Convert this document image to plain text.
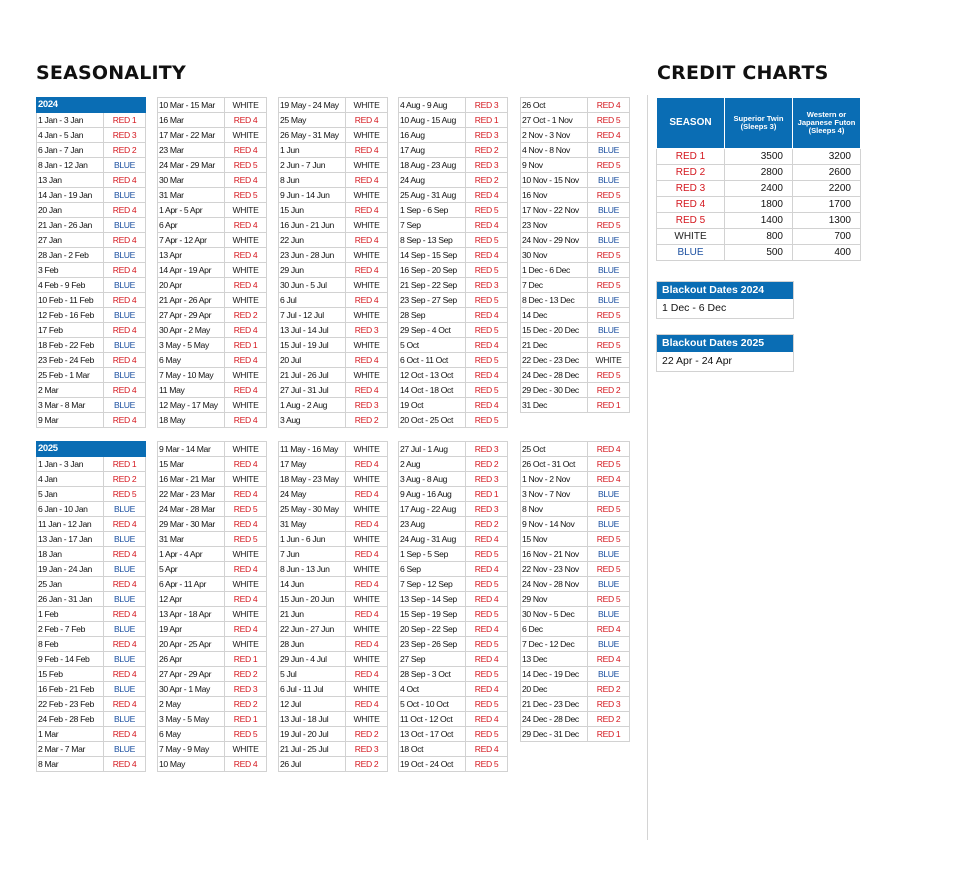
SEASONALITY	CREDIT CHARTS
2024	
1 Jan - 3 Jan	RED 1
4 Jan - 5 Jan	RED 3
6 Jan - 7 Jan	RED 2
8 Jan - 12 Jan	BLUE
13 Jan	RED 4
14 Jan - 19 Jan	BLUE
20 Jan	RED 4
21 Jan - 26 Jan	BLUE
27 Jan	RED 4
28 Jan - 2 Feb	BLUE
3 Feb	RED 4
4 Feb - 9 Feb	BLUE
10 Feb - 11 Feb	RED 4
12 Feb - 16 Feb	BLUE
17 Feb	RED 4
18 Feb - 22 Feb	BLUE
23 Feb - 24 Feb	RED 4
25 Feb - 1 Mar	BLUE
2 Mar	RED 4
3 Mar - 8 Mar	BLUE
9 Mar	RED 4
10 Mar - 15 Mar	WHITE
16 Mar	RED 4
17 Mar - 22 Mar	WHITE
23 Mar	RED 4
24 Mar - 29 Mar	RED 5
30 Mar	RED 4
31 Mar	RED 5
1 Apr - 5 Apr	WHITE
6 Apr	RED 4
7 Apr - 12 Apr	WHITE
13 Apr	RED 4
14 Apr - 19 Apr	WHITE
20 Apr	RED 4
21 Apr - 26 Apr	WHITE
27 Apr - 29 Apr	RED 2
30 Apr - 2 May	RED 4
3 May - 5 May	RED 1
6 May	RED 4
7 May - 10 May	WHITE
11 May	RED 4
12 May - 17 May	WHITE
18 May	RED 4
19 May - 24 May	WHITE
25 May	RED 4
26 May - 31 May	WHITE
1 Jun	RED 4
2 Jun - 7 Jun	WHITE
8 Jun	RED 4
9 Jun - 14 Jun	WHITE
15 Jun	RED 4
16 Jun - 21 Jun	WHITE
22 Jun	RED 4
23 Jun - 28 Jun	WHITE
29 Jun	RED 4
30 Jun - 5 Jul	WHITE
6 Jul	RED 4
7 Jul - 12 Jul	WHITE
13 Jul - 14 Jul	RED 3
15 Jul - 19 Jul	WHITE
20 Jul	RED 4
21 Jul - 26 Jul	WHITE
27 Jul - 31 Jul	RED 4
1 Aug - 2 Aug	RED 3
3 Aug	RED 2
4 Aug - 9 Aug	RED 3
10 Aug - 15 Aug	RED 1
16 Aug	RED 3
17 Aug	RED 2
18 Aug - 23 Aug	RED 3
24 Aug	RED 2
25 Aug - 31 Aug	RED 4
1 Sep - 6 Sep	RED 5
7 Sep	RED 4
8 Sep - 13 Sep	RED 5
14 Sep - 15 Sep	RED 4
16 Sep - 20 Sep	RED 5
21 Sep - 22 Sep	RED 3
23 Sep - 27 Sep	RED 5
28 Sep	RED 4
29 Sep - 4 Oct	RED 5
5 Oct	RED 4
6 Oct - 11 Oct	RED 5
12 Oct - 13 Oct	RED 4
14 Oct - 18 Oct	RED 5
19 Oct	RED 4
20 Oct - 25 Oct	RED 5
26 Oct	RED 4
27 Oct - 1 Nov	RED 5
2 Nov - 3 Nov	RED 4
4 Nov - 8 Nov	BLUE
9 Nov	RED 5
10 Nov - 15 Nov	BLUE
16 Nov	RED 5
17 Nov - 22 Nov	BLUE
23 Nov	RED 5
24 Nov - 29 Nov	BLUE
30 Nov	RED 5
1 Dec - 6 Dec	BLUE
7 Dec	RED 5
8 Dec - 13 Dec	BLUE
14 Dec	RED 5
15 Dec - 20 Dec	BLUE
21 Dec	RED 5
22 Dec - 23 Dec	WHITE
24 Dec - 28 Dec	RED 5
29 Dec - 30 Dec	RED 2
31 Dec	RED 1
2025	
1 Jan - 3 Jan	RED 1
4 Jan	RED 2
5 Jan	RED 5
6 Jan - 10 Jan	BLUE
11 Jan - 12 Jan	RED 4
13 Jan - 17 Jan	BLUE
18 Jan	RED 4
19 Jan - 24 Jan	BLUE
25 Jan	RED 4
26 Jan - 31 Jan	BLUE
1 Feb	RED 4
2 Feb - 7 Feb	BLUE
8 Feb	RED 4
9 Feb - 14 Feb	BLUE
15 Feb	RED 4
16 Feb - 21 Feb	BLUE
22 Feb - 23 Feb	RED 4
24 Feb - 28 Feb	BLUE
1 Mar	RED 4
2 Mar - 7 Mar	BLUE
8 Mar	RED 4
9 Mar - 14 Mar	WHITE
15 Mar	RED 4
16 Mar - 21 Mar	WHITE
22 Mar - 23 Mar	RED 4
24 Mar - 28 Mar	RED 5
29 Mar - 30 Mar	RED 4
31 Mar	RED 5
1 Apr - 4 Apr	WHITE
5 Apr	RED 4
6 Apr - 11 Apr	WHITE
12 Apr	RED 4
13 Apr - 18 Apr	WHITE
19 Apr	RED 4
20 Apr - 25 Apr	WHITE
26 Apr	RED 1
27 Apr - 29 Apr	RED 2
30 Apr - 1 May	RED 3
2 May	RED 2
3 May - 5 May	RED 1
6 May	RED 5
7 May - 9 May	WHITE
10 May	RED 4
11 May - 16 May	WHITE
17 May	RED 4
18 May - 23 May	WHITE
24 May	RED 4
25 May - 30 May	WHITE
31 May	RED 4
1 Jun - 6 Jun	WHITE
7 Jun	RED 4
8 Jun - 13 Jun	WHITE
14 Jun	RED 4
15 Jun - 20 Jun	WHITE
21 Jun	RED 4
22 Jun - 27 Jun	WHITE
28 Jun	RED 4
29 Jun - 4 Jul	WHITE
5 Jul	RED 4
6 Jul - 11 Jul	WHITE
12 Jul	RED 4
13 Jul - 18 Jul	WHITE
19 Jul - 20 Jul	RED 2
21 Jul - 25 Jul	RED 3
26 Jul	RED 2
27 Jul - 1 Aug	RED 3
2 Aug	RED 2
3 Aug - 8 Aug	RED 3
9 Aug - 16 Aug	RED 1
17 Aug - 22 Aug	RED 3
23 Aug	RED 2
24 Aug - 31 Aug	RED 4
1 Sep - 5 Sep	RED 5
6 Sep	RED 4
7 Sep - 12 Sep	RED 5
13 Sep - 14 Sep	RED 4
15 Sep - 19 Sep	RED 5
20 Sep - 22 Sep	RED 4
23 Sep - 26 Sep	RED 5
27 Sep	RED 4
28 Sep - 3 Oct	RED 5
4 Oct	RED 4
5 Oct - 10 Oct	RED 5
11 Oct - 12 Oct	RED 4
13 Oct - 17 Oct	RED 5
18 Oct	RED 4
19 Oct - 24 Oct	RED 5
25 Oct	RED 4
26 Oct - 31 Oct	RED 5
1 Nov - 2 Nov	RED 4
3 Nov - 7 Nov	BLUE
8 Nov	RED 5
9 Nov - 14 Nov	BLUE
15 Nov	RED 5
16 Nov - 21 Nov	BLUE
22 Nov - 23 Nov	RED 5
24 Nov - 28 Nov	BLUE
29 Nov	RED 5
30 Nov - 5 Dec	BLUE
6 Dec	RED 4
7 Dec - 12 Dec	BLUE
13 Dec	RED 4
14 Dec - 19 Dec	BLUE
20 Dec	RED 2
21 Dec - 23 Dec	RED 3
24 Dec - 28 Dec	RED 2
29 Dec - 31 Dec	RED 1
SEASON	Superior Twin (Sleeps 3)	Western or Japanese Futon (Sleeps 4)
RED 1	3500	3200
RED 2	2800	2600
RED 3	2400	2200
RED 4	1800	1700
RED 5	1400	1300
WHITE	800	700
BLUE	500	400
Blackout Dates 2024
1 Dec - 6 Dec
Blackout Dates 2025
22 Apr - 24 Apr
